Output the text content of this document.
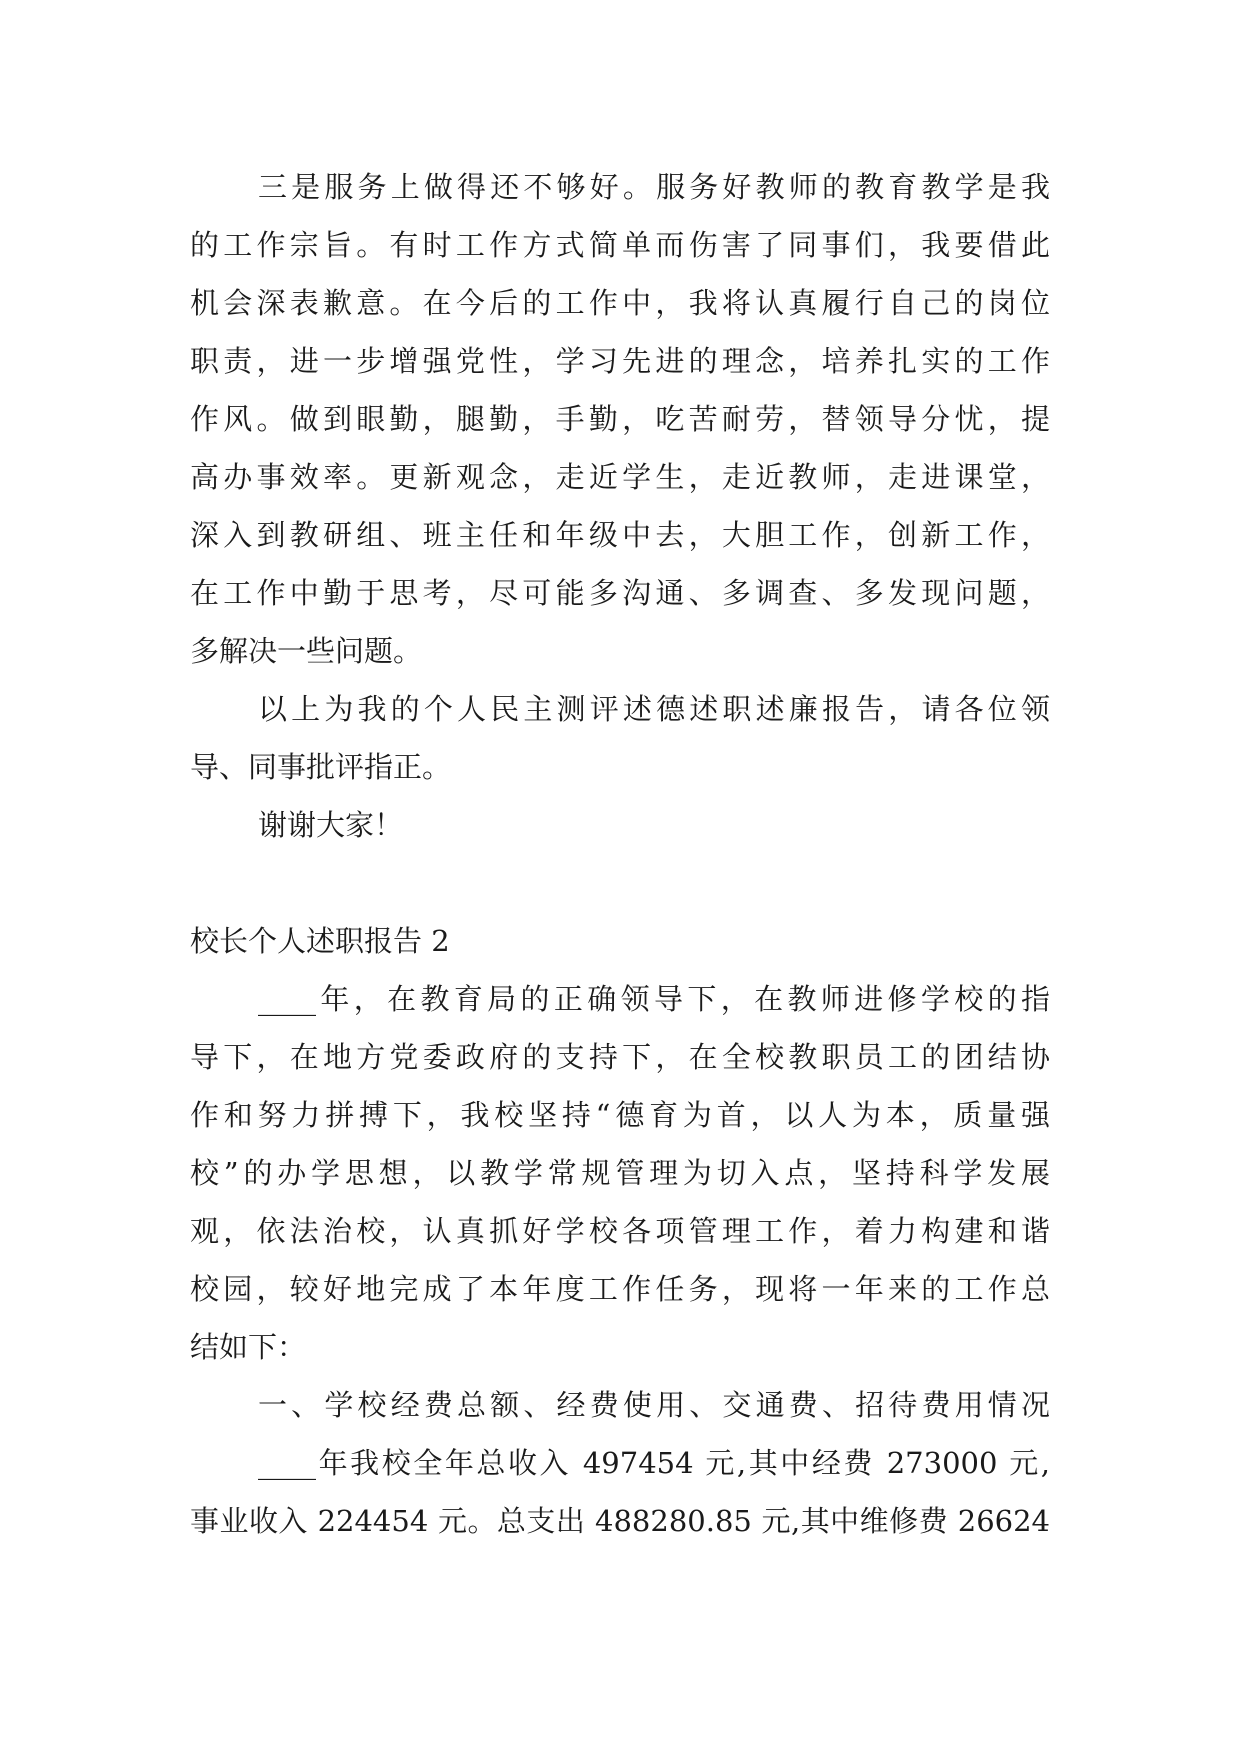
三是服务上做得还不够好。服务好教师的教育教学是我
的工作宗旨。有时工作方式简单而伤害了同事们，我要借此
机会深表歉意。在今后的工作中，我将认真履行自己的岗位
职责，进一步增强党性，学习先进的理念，培养扎实的工作
作风。做到眼勤，腿勤，手勤，吃苦耐劳，替领导分忧，提
高办事效率。更新观念，走近学生，走近教师，走进课堂，
深入到教研组、班主任和年级中去，大胆工作，创新工作，
在工作中勤于思考，尽可能多沟通、多调查、多发现问题，
多解决一些问题。
以上为我的个人民主测评述德述职述廉报告，请各位领
导、同事批评指正。
谢谢大家！
校长个人述职报告 2
____年，在教育局的正确领导下，在教师进修学校的指
导下，在地方党委政府的支持下，在全校教职员工的团结协
作和努力拼搏下，我校坚持“德育为首，以人为本，质量强
校”的办学思想，以教学常规管理为切入点，坚持科学发展
观，依法治校，认真抓好学校各项管理工作，着力构建和谐
校园，较好地完成了本年度工作任务，现将一年来的工作总
结如下：
一、学校经费总额、经费使用、交通费、招待费用情况
____年我校全年总收入 497454 元,其中经费 273000 元,
事业收入 224454 元。总支出 488280.85 元,其中维修费 26624
